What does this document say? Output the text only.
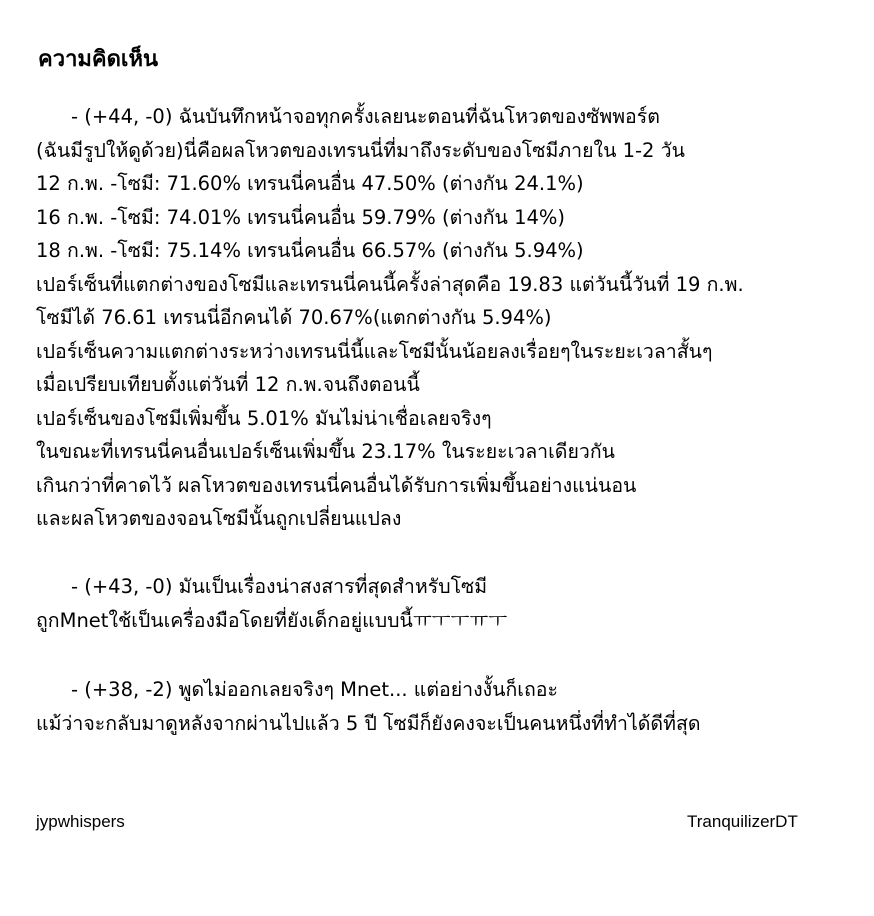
ความคิดเห็น
- (+44, -0) ฉันบันทึกหน้าจอทุกครั้งเลยนะตอนที่ฉันโหวตของซัพพอร์ต
(ฉันมีรูปให้ดูด้วย)นี่คือผลโหวตของเทรนนี่ที่มาถึงระดับของโซมีภายใน 1-2 วัน
12 ก.พ. -โซมี: 71.60% เทรนนี่คนอื่น 47.50% (ต่างกัน 24.1%)
16 ก.พ. -โซมี: 74.01% เทรนนี่คนอื่น 59.79% (ต่างกัน 14%)
18 ก.พ. -โซมี: 75.14% เทรนนี่คนอื่น 66.57% (ต่างกัน 5.94%)
เปอร์เซ็นที่แตกต่างของโซมีและเทรนนี่คนนี้ครั้งล่าสุดคือ 19.83 แต่วันนี้วันที่ 19 ก.พ.
โซมีได้ 76.61 เทรนนี่อีกคนได้ 70.67%(แตกต่างกัน 5.94%)
เปอร์เซ็นความแตกต่างระหว่างเทรนนี่นี้และโซมีนั้นน้อยลงเรื่อยๆในระยะเวลาสั้นๆ
เมื่อเปรียบเทียบตั้งแต่วันที่ 12 ก.พ.จนถึงตอนนี้
เปอร์เซ็นของโซมีเพิ่มขึ้น 5.01% มันไม่น่าเชื่อเลยจริงๆ
ในขณะที่เทรนนี่คนอื่นเปอร์เซ็นเพิ่มขึ้น 23.17% ในระยะเวลาเดียวกัน
เกินกว่าที่คาดไว้ ผลโหวตของเทรนนี่คนอื่นได้รับการเพิ่มขึ้นอย่างแน่นอน
และผลโหวตของจอนโซมีนั้นถูกเปลี่ยนแปลง
- (+43, -0) มันเป็นเรื่องน่าสงสารที่สุดสำหรับโซมี
ถูกMnetใช้เป็นเครื่องมือโดยที่ยังเด็กอยู่แบบนี้ㅠㅜㅜㅠㅜ
- (+38, -2) พูดไม่ออกเลยจริงๆ Mnet... แต่อย่างงั้นก็เถอะ
แม้ว่าจะกลับมาดูหลังจากผ่านไปแล้ว 5 ปี โซมีก็ยังคงจะเป็นคนหนึ่งที่ทำได้ดีที่สุด
jypwhispers	TranquilizerDT
